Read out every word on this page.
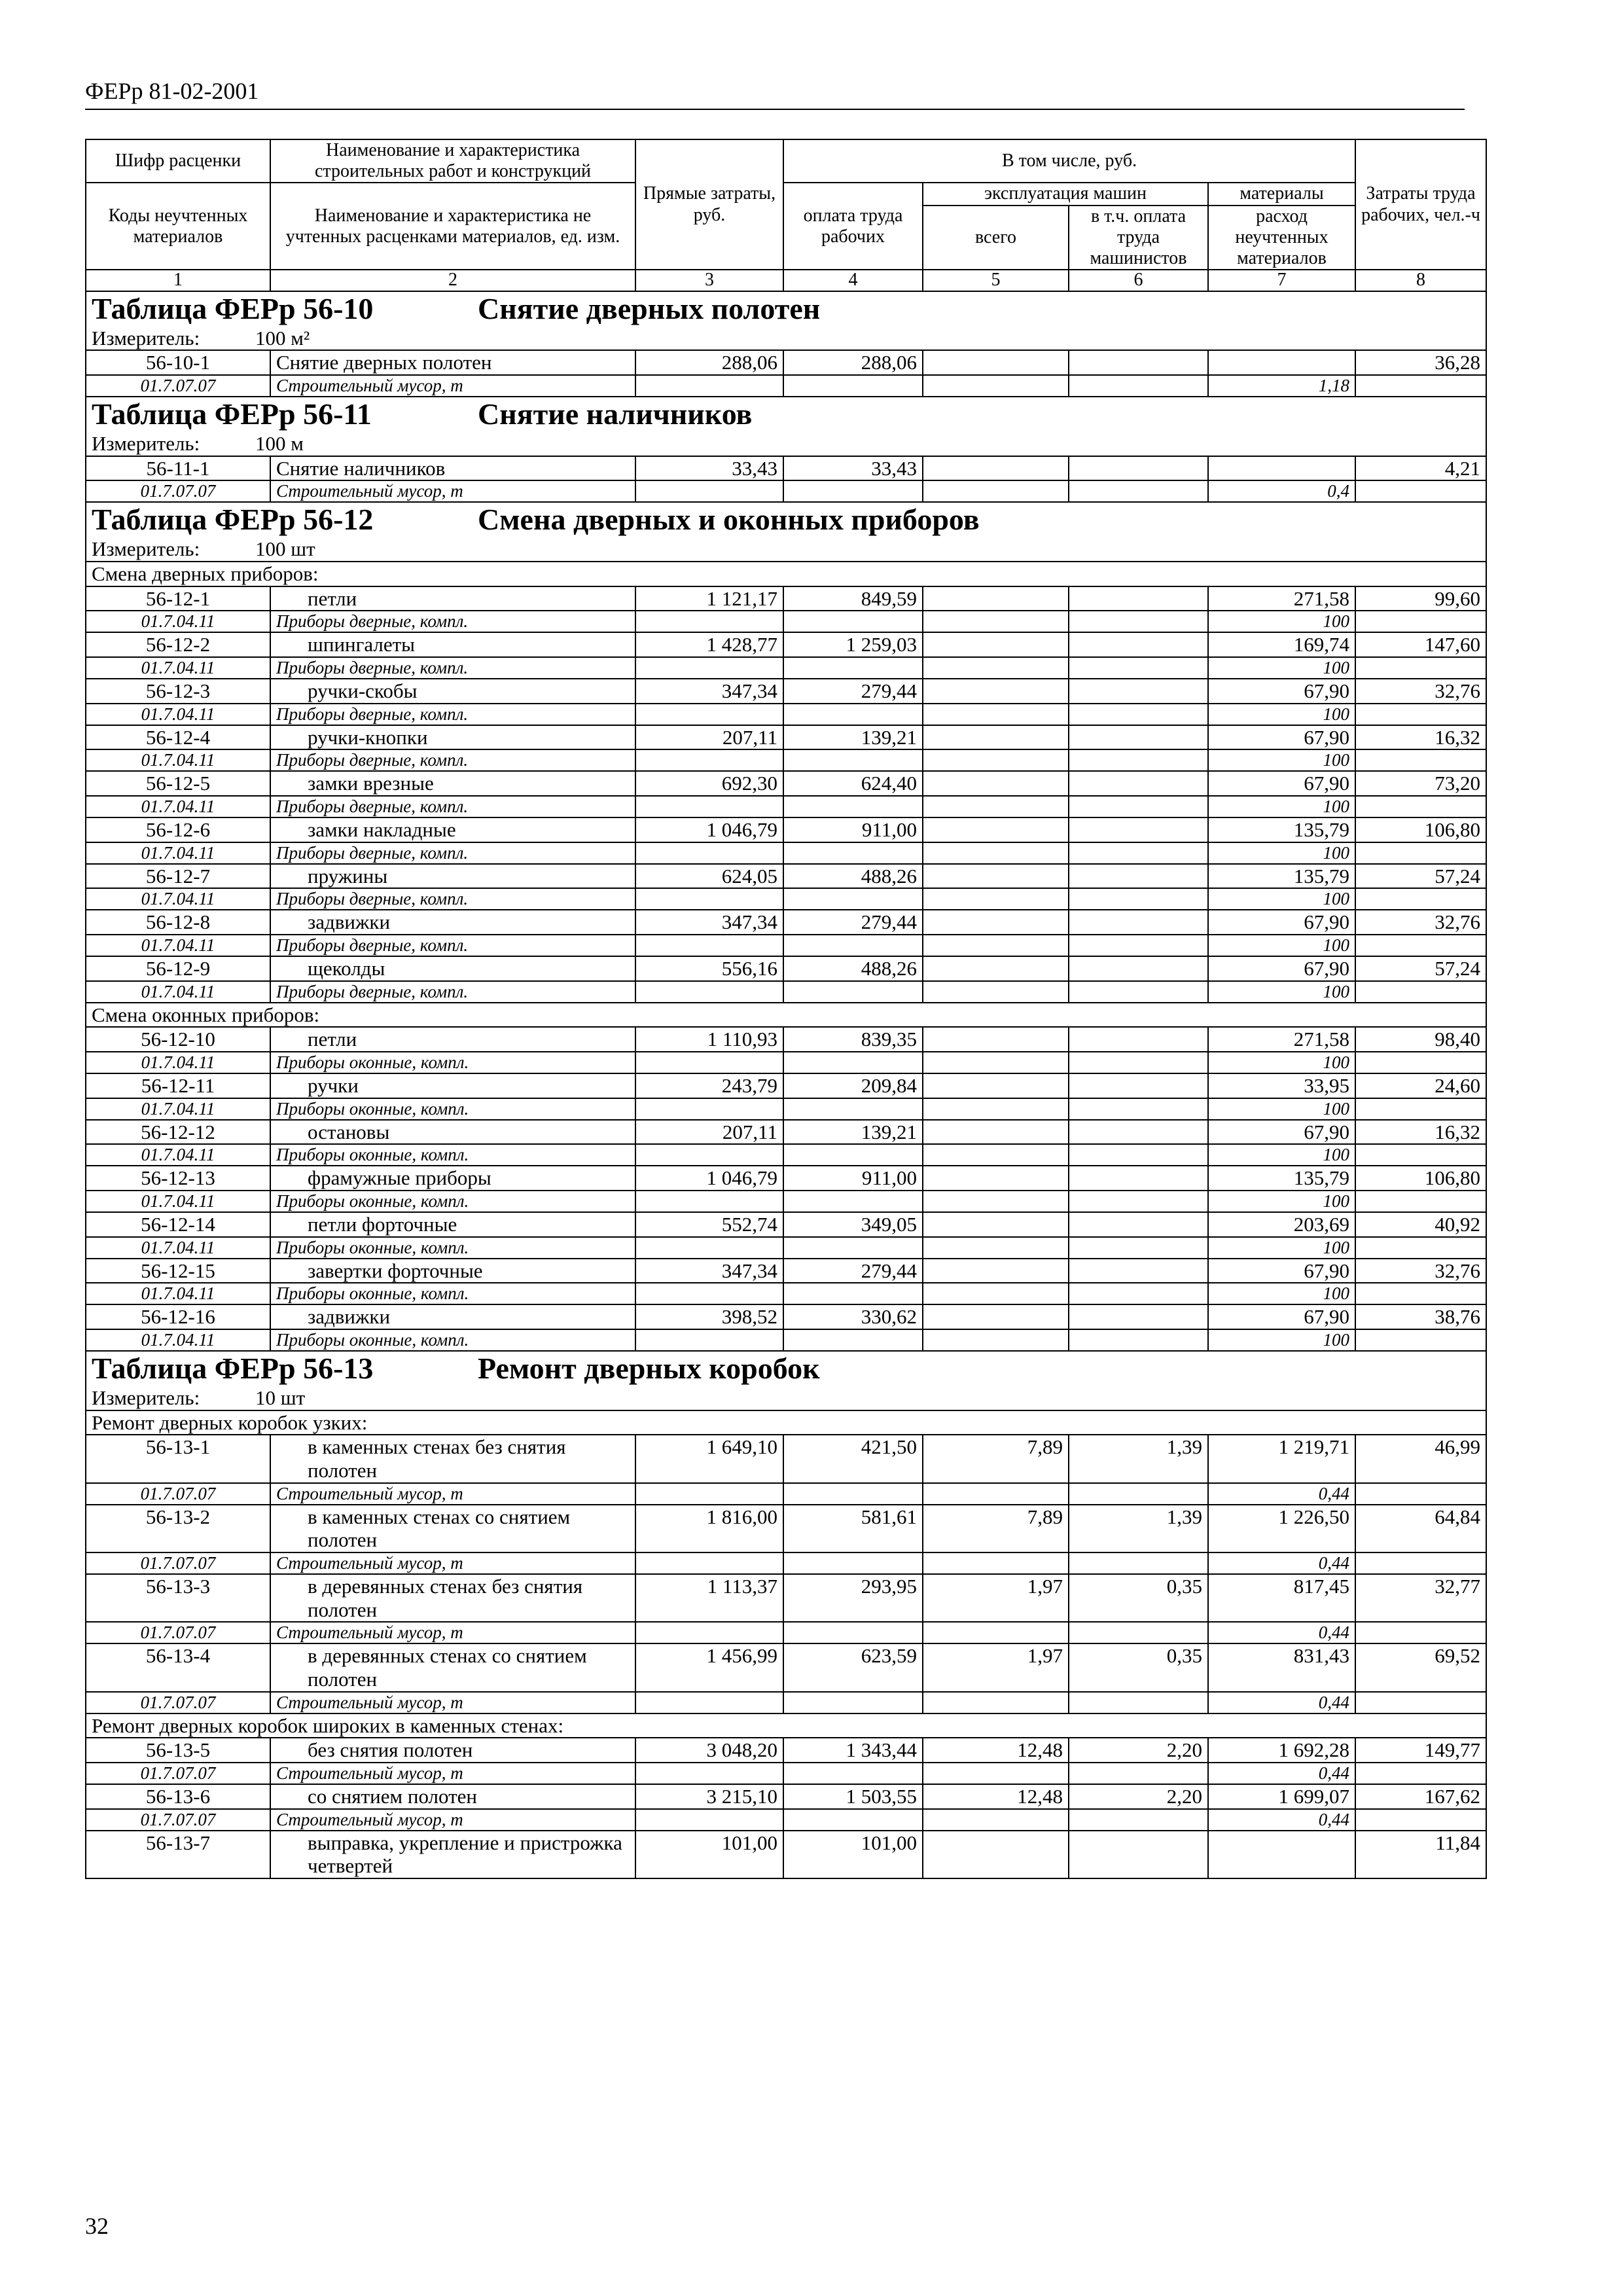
ФЕРр 81-02-2001
Шифр расценки	Наименование и характеристика строительных работ и конструкций	Прямые затраты, руб.	В том числе, руб.				Затраты труда рабочих, чел.-ч
Коды неучтенных материалов	Наименование и характеристика не учтенных расценками материалов, ед. изм.		оплата труда рабочих	эксплуатация машин		материалы	
				всего	в т.ч. оплата труда машинистов	расход неучтенных материалов	
1	2	3	4	5	6	7	8
Таблица ФЕРр 56-10 Снятие дверных полотен							
Измеритель: 100 м²							
56-10-1	Снятие дверных полотен	288,06	288,06				36,28
01.7.07.07	Строительный мусор, т					1,18	
Таблица ФЕРр 56-11 Снятие наличников							
Измеритель: 100 м							
56-11-1	Снятие наличников	33,43	33,43				4,21
01.7.07.07	Строительный мусор, т					0,4	
Таблица ФЕРр 56-12 Смена дверных и оконных приборов							
Измеритель: 100 шт							
Смена дверных приборов:							
56-12-1	петли	1 121,17	849,59			271,58	99,60
01.7.04.11	Приборы дверные, компл.					100	
56-12-2	шпингалеты	1 428,77	1 259,03			169,74	147,60
01.7.04.11	Приборы дверные, компл.					100	
56-12-3	ручки-скобы	347,34	279,44			67,90	32,76
01.7.04.11	Приборы дверные, компл.					100	
56-12-4	ручки-кнопки	207,11	139,21			67,90	16,32
01.7.04.11	Приборы дверные, компл.					100	
56-12-5	замки врезные	692,30	624,40			67,90	73,20
01.7.04.11	Приборы дверные, компл.					100	
56-12-6	замки накладные	1 046,79	911,00			135,79	106,80
01.7.04.11	Приборы дверные, компл.					100	
56-12-7	пружины	624,05	488,26			135,79	57,24
01.7.04.11	Приборы дверные, компл.					100	
56-12-8	задвижки	347,34	279,44			67,90	32,76
01.7.04.11	Приборы дверные, компл.					100	
56-12-9	щеколды	556,16	488,26			67,90	57,24
01.7.04.11	Приборы дверные, компл.					100	
Смена оконных приборов:							
56-12-10	петли	1 110,93	839,35			271,58	98,40
01.7.04.11	Приборы оконные, компл.					100	
56-12-11	ручки	243,79	209,84			33,95	24,60
01.7.04.11	Приборы оконные, компл.					100	
56-12-12	остановы	207,11	139,21			67,90	16,32
01.7.04.11	Приборы оконные, компл.					100	
56-12-13	фрамужные приборы	1 046,79	911,00			135,79	106,80
01.7.04.11	Приборы оконные, компл.					100	
56-12-14	петли форточные	552,74	349,05			203,69	40,92
01.7.04.11	Приборы оконные, компл.					100	
56-12-15	завертки форточные	347,34	279,44			67,90	32,76
01.7.04.11	Приборы оконные, компл.					100	
56-12-16	задвижки	398,52	330,62			67,90	38,76
01.7.04.11	Приборы оконные, компл.					100	
Таблица ФЕРр 56-13 Ремонт дверных коробок							
Измеритель: 10 шт							
Ремонт дверных коробок узких:							
56-13-1	в каменных стенах без снятия полотен	1 649,10	421,50	7,89	1,39	1 219,71	46,99
01.7.07.07	Строительный мусор, т					0,44	
56-13-2	в каменных стенах со снятием полотен	1 816,00	581,61	7,89	1,39	1 226,50	64,84
01.7.07.07	Строительный мусор, т					0,44	
56-13-3	в деревянных стенах без снятия полотен	1 113,37	293,95	1,97	0,35	817,45	32,77
01.7.07.07	Строительный мусор, т					0,44	
56-13-4	в деревянных стенах со снятием полотен	1 456,99	623,59	1,97	0,35	831,43	69,52
01.7.07.07	Строительный мусор, т					0,44	
Ремонт дверных коробок широких в каменных стенах:							
56-13-5	без снятия полотен	3 048,20	1 343,44	12,48	2,20	1 692,28	149,77
01.7.07.07	Строительный мусор, т					0,44	
56-13-6	со снятием полотен	3 215,10	1 503,55	12,48	2,20	1 699,07	167,62
01.7.07.07	Строительный мусор, т					0,44	
56-13-7	выправка, укрепление и пристрожка четвертей	101,00	101,00				11,84
32
